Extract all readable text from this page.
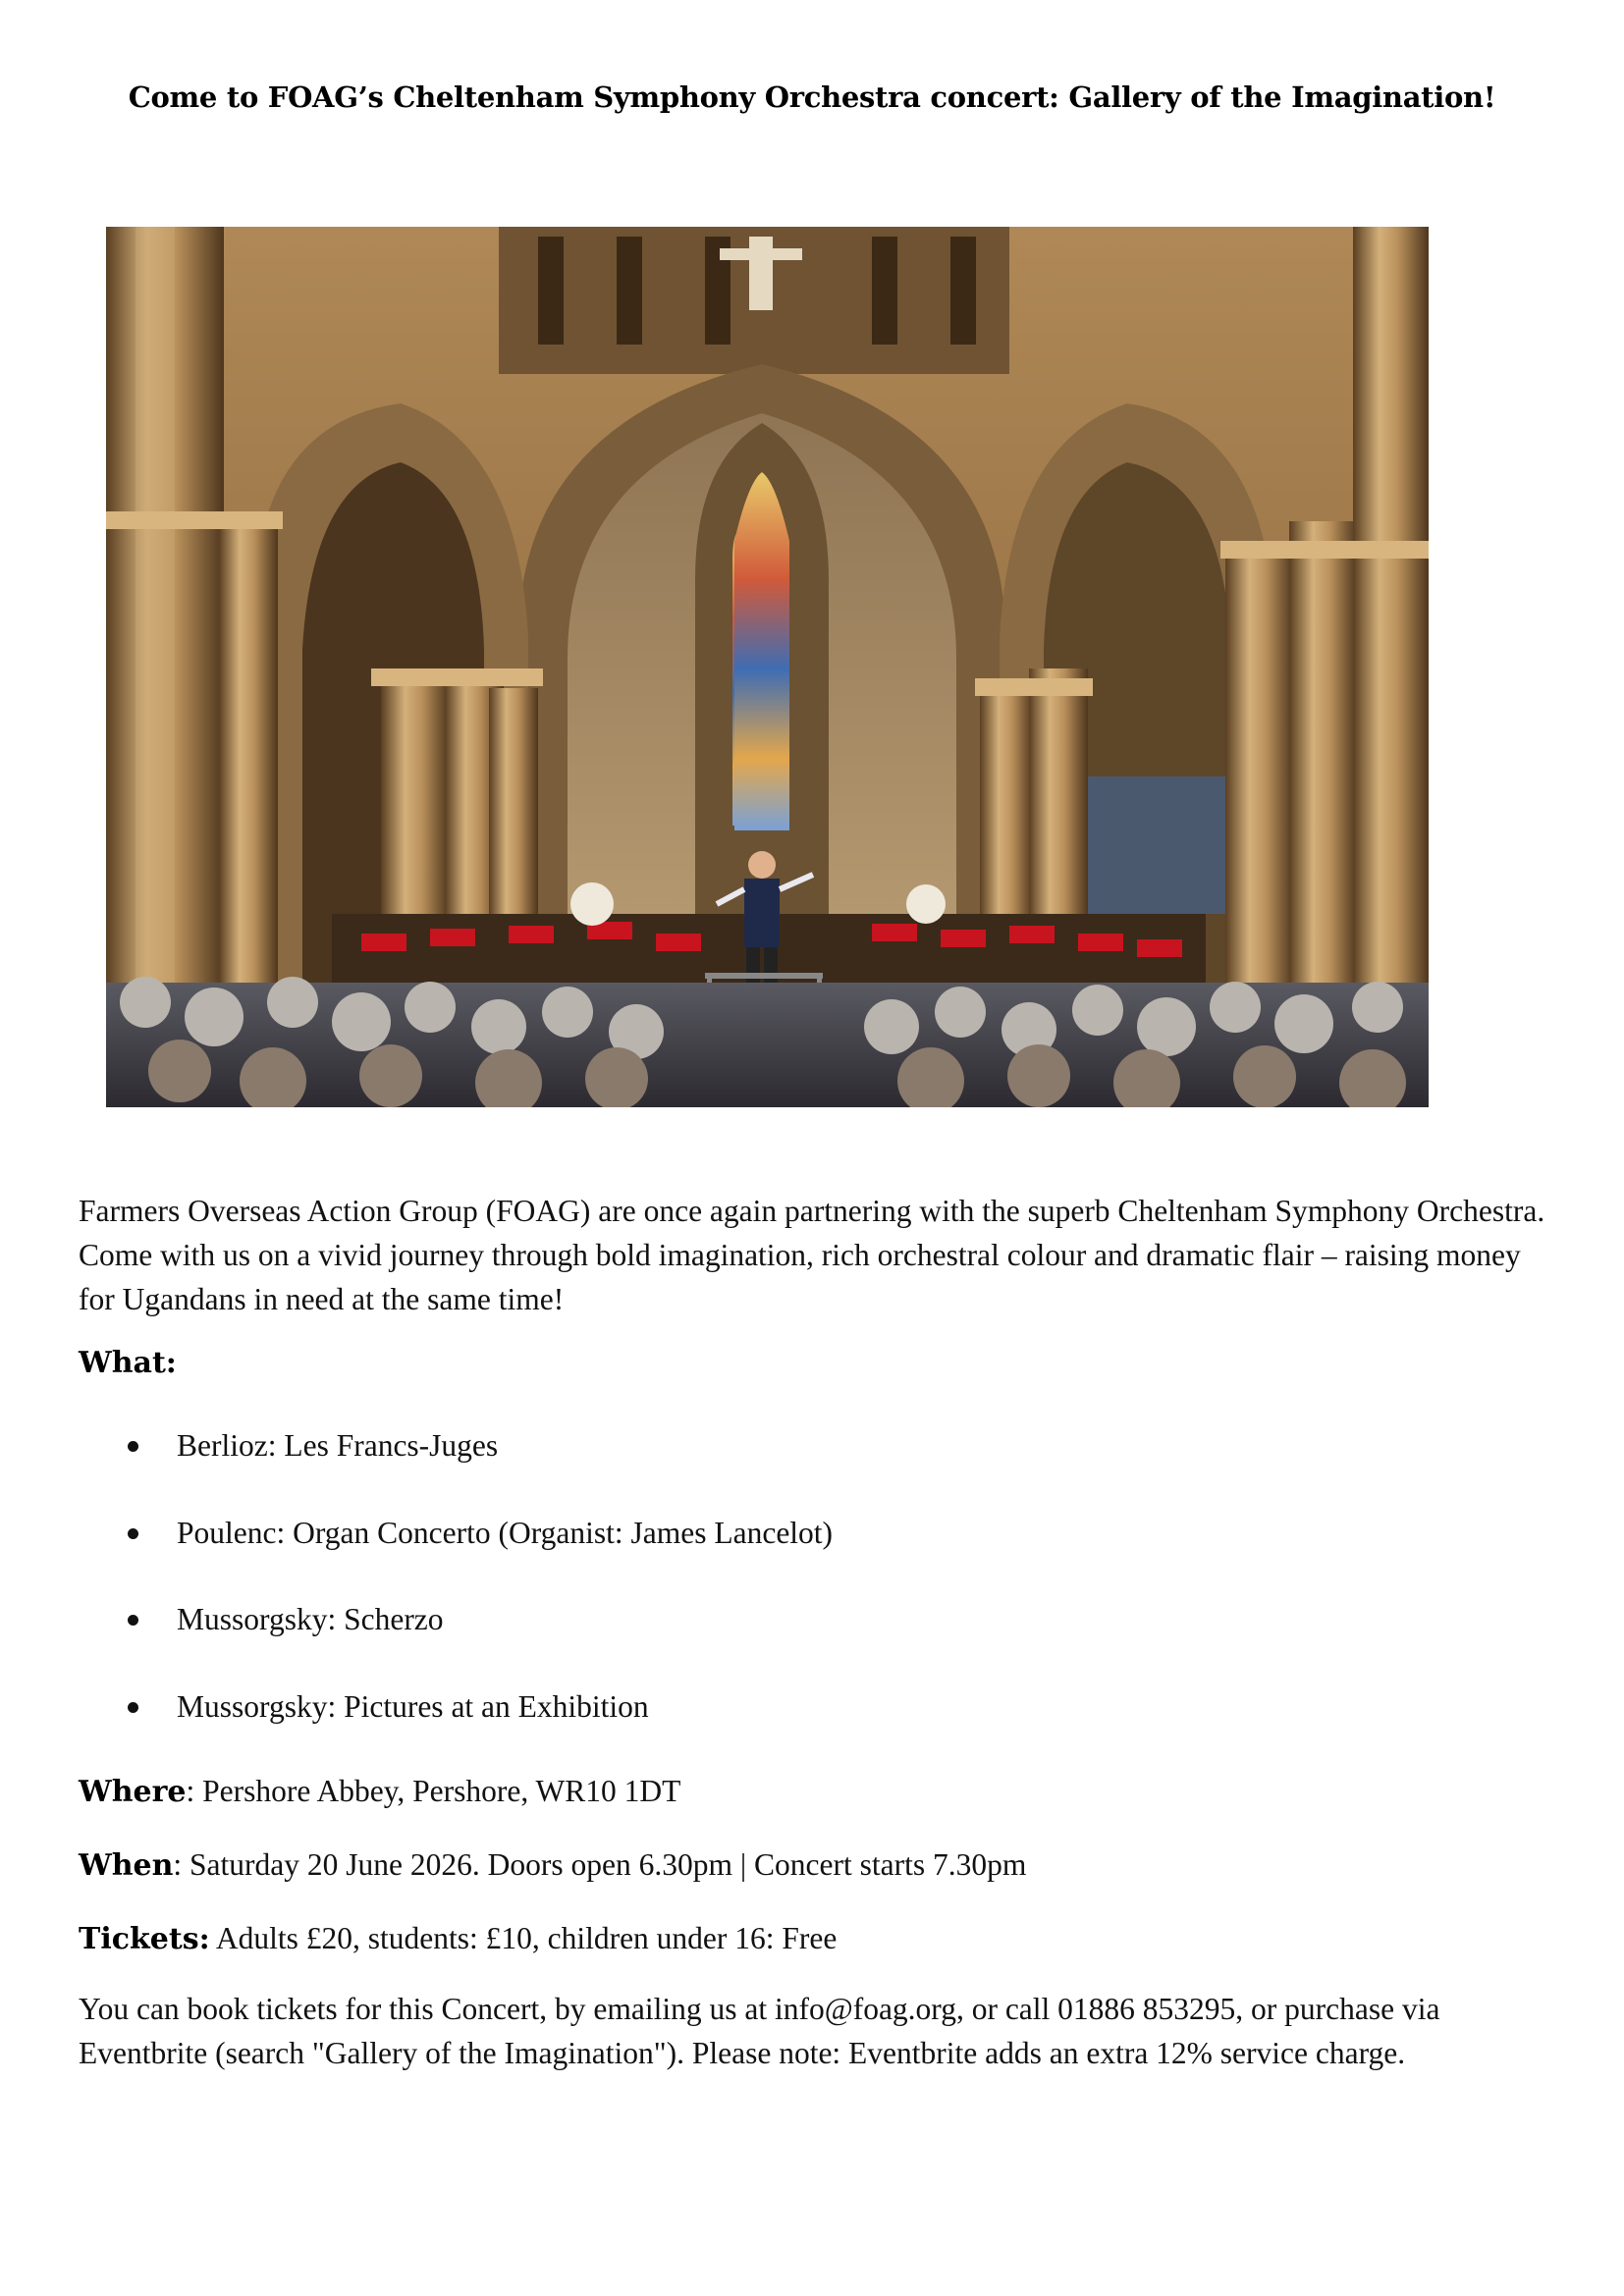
Come to FOAG’s Cheltenham Symphony Orchestra concert: Gallery of the Imagination!
Farmers Overseas Action Group (FOAG) are once again partnering with the superb Cheltenham Symphony Orchestra. Come with us on a vivid journey through bold imagination, rich orchestral colour and dramatic flair – raising money for Ugandans in need at the same time!
What:
Berlioz: Les Francs-Juges
Poulenc: Organ Concerto (Organist: James Lancelot)
Mussorgsky: Scherzo
Mussorgsky: Pictures at an Exhibition
Where: Pershore Abbey, Pershore, WR10 1DT
When: Saturday 20 June 2026. Doors open 6.30pm | Concert starts 7.30pm
Tickets: Adults £20, students: £10, children under 16: Free
You can book tickets for this Concert, by emailing us at info@foag.org, or call 01886 853295, or purchase via Eventbrite (search "Gallery of the Imagination"). Please note: Eventbrite adds an extra 12% service charge.
